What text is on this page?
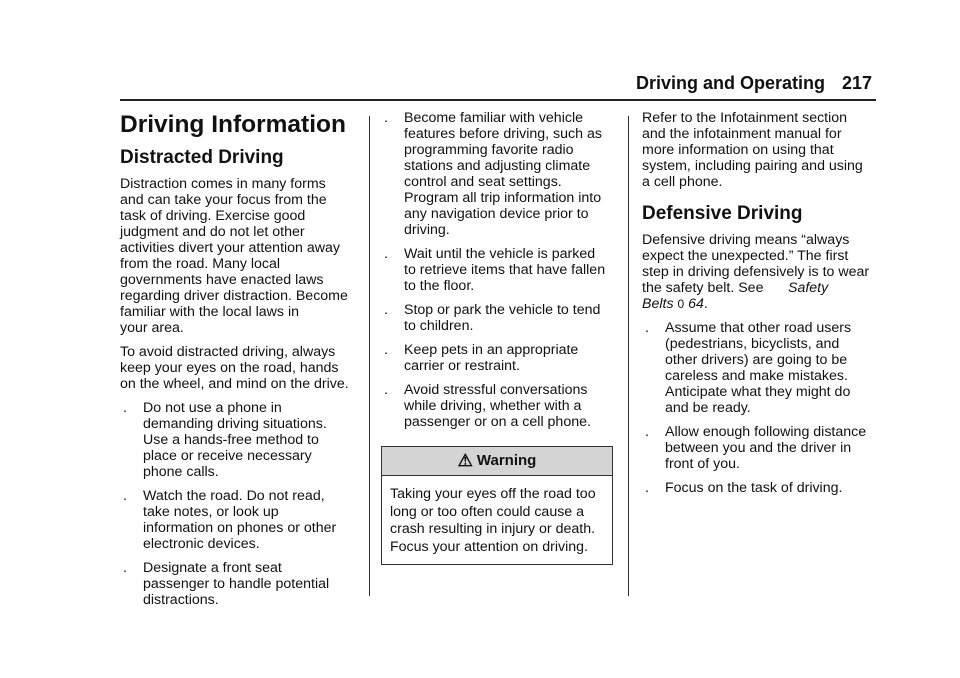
Driving and Operating 217
Driving Information
Distracted Driving

Distraction comes in many forms
and can take your focus from the
task of driving. Exercise good
judgment and do not let other
activities divert your attention away
from the road. Many local
governments have enacted laws
regarding driver distraction. Become
familiar with the local laws in
your area.

To avoid distracted driving, always
keep your eyes on the road, hands
on the wheel, and mind on the drive.

. Do not use a phone in
demanding driving situations.
Use a hands-free method to
place or receive necessary
phone calls.
. Watch the road. Do not read,
take notes, or look up
information on phones or other
electronic devices.
. Designate a front seat
passenger to handle potential
distractions.
. Become familiar with vehicle
features before driving, such as
programming favorite radio
stations and adjusting climate
control and seat settings.
Program all trip information into
any navigation device prior to
driving.
. Wait until the vehicle is parked
to retrieve items that have fallen
to the floor.
. Stop or park the vehicle to tend
to children.
. Keep pets in an appropriate
carrier or restraint.
. Avoid stressful conversations
while driving, whether with a
passenger or on a cell phone.
⚠ Warning
Taking your eyes off the road too
long or too often could cause a
crash resulting in injury or death.
Focus your attention on driving.

Refer to the Infotainment section
and the infotainment manual for
more information on using that
system, including pairing and using
a cell phone.

Defensive Driving

Defensive driving means “always
expect the unexpected.” The first
step in driving defensively is to wear
the safety belt. See	Safety
Belts 0 64.

. Assume that other road users
(pedestrians, bicyclists, and
other drivers) are going to be
careless and make mistakes.
Anticipate what they might do
and be ready.
. Allow enough following distance
between you and the driver in
front of you.
. Focus on the task of driving.
